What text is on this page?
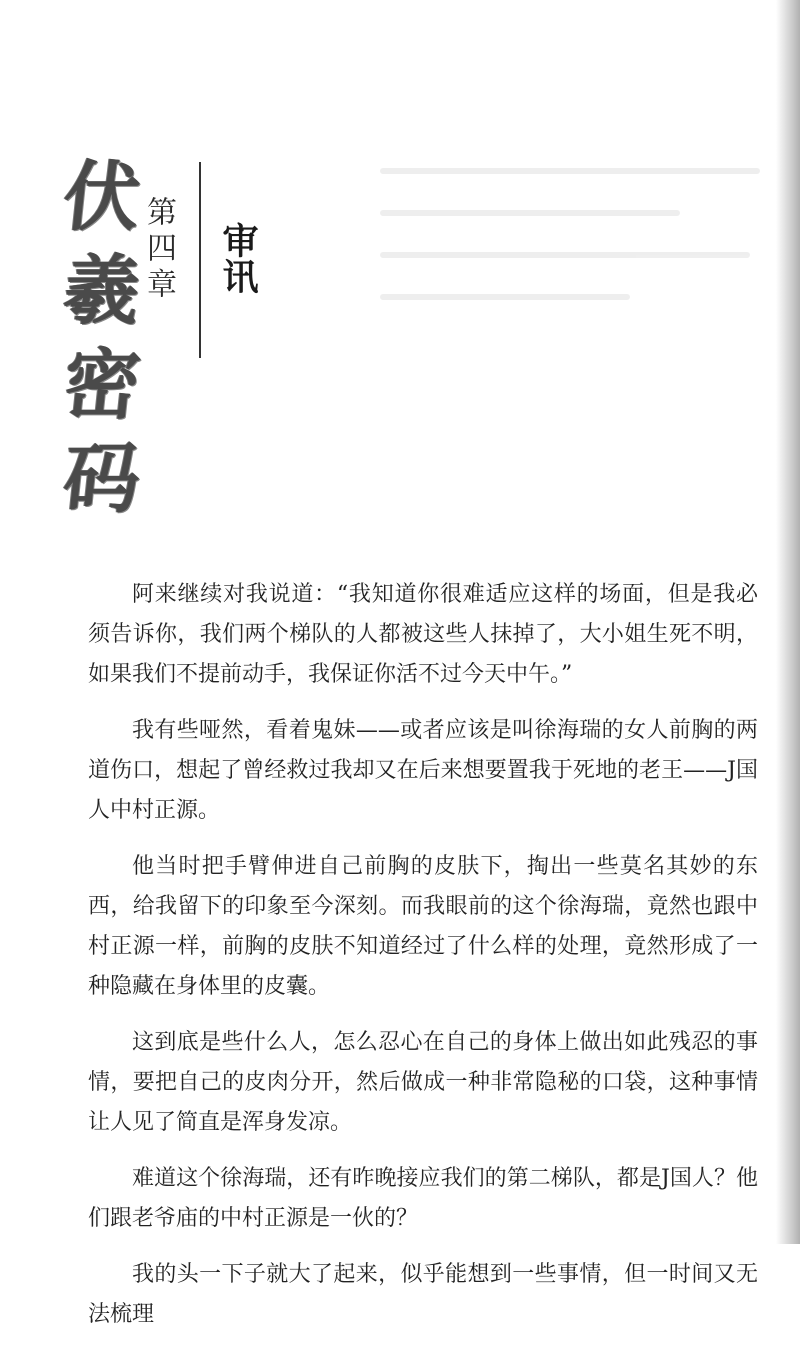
伏
羲
密
码
第四章 审讯

阿来继续对我说道：“我知道你很难适应这样的场面，但是我必须告诉你，我们两个梯队的人都被这些人抹掉了，大小姐生死不明，如果我们不提前动手，我保证你活不过今天中午。”

我有些哑然，看着鬼妹——或者应该是叫徐海瑞的女人前胸的两道伤口，想起了曾经救过我却又在后来想要置我于死地的老王——J国人中村正源。

他当时把手臂伸进自己前胸的皮肤下，掏出一些莫名其妙的东西，给我留下的印象至今深刻。而我眼前的这个徐海瑞，竟然也跟中村正源一样，前胸的皮肤不知道经过了什么样的处理，竟然形成了一种隐藏在身体里的皮囊。

这到底是些什么人，怎么忍心在自己的身体上做出如此残忍的事情，要把自己的皮肉分开，然后做成一种非常隐秘的口袋，这种事情让人见了简直是浑身发凉。

难道这个徐海瑞，还有昨晚接应我们的第二梯队，都是J国人？他们跟老爷庙的中村正源是一伙的？

我的头一下子就大了起来，似乎能想到一些事情，但一时间又无法梳理
